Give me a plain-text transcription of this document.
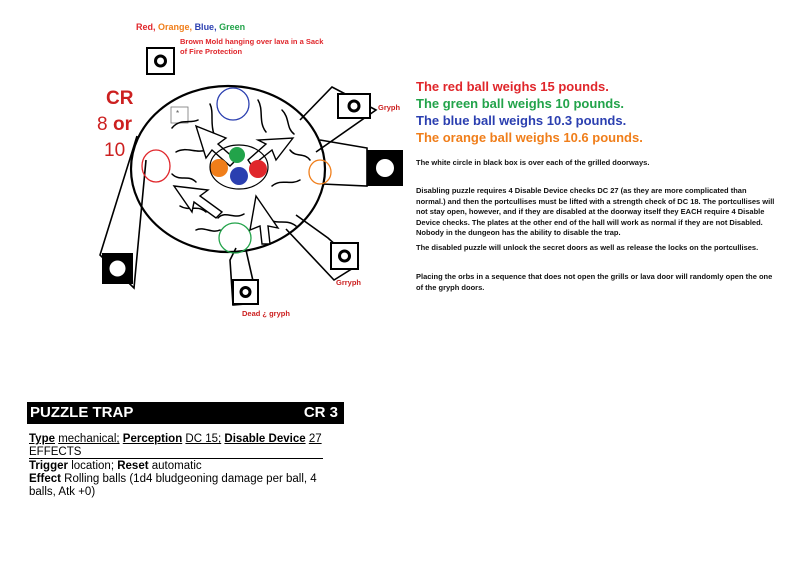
Red, Orange, Blue, Green
Brown Mold hanging over lava in a Sack of Fire Protection
CR
8 or
10
*
Gryph
Grryph
Dead ¿ gryph
The red ball weighs 15 pounds.
The green ball weighs 10 pounds.
The blue ball weighs 10.3 pounds.
The orange ball weighs 10.6 pounds.
The white circle in black box is over each of the grilled doorways.
Disabling puzzle requires 4 Disable Device checks DC 27 (as they are more complicated than normal.) and then the portcullises must be lifted with a strength check of DC 18. The portcullises will not stay open, however, and if they are disabled at the doorway itself they EACH require 4 Disable Device checks. The plates at the other end of the hall will work as normal if they are not Disabled. Nobody in the dungeon has the ability to disable the trap.
The disabled puzzle will unlock the secret doors as well as release the locks on the portcullises.
Placing the orbs in a sequence that does not open the grills or lava door will randomly open the one of the gryph doors.
PUZZLE TRAP	CR 3
Type mechanical; Perception DC 15; Disable Device 27
EFFECTS
Trigger location; Reset automatic
Effect Rolling balls (1d4 bludgeoning damage per ball, 4 balls, Atk +0)
